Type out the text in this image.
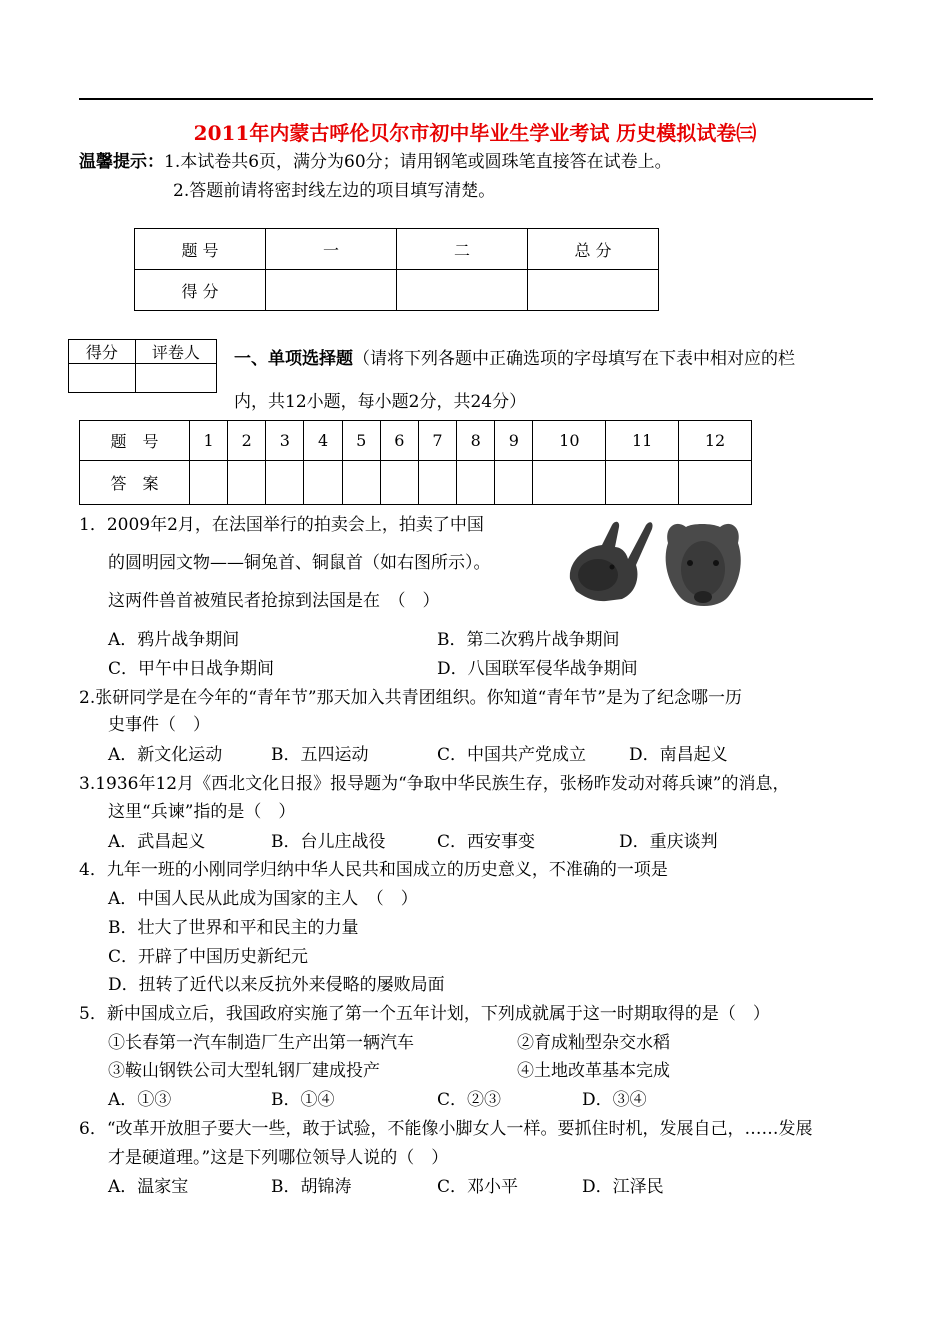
2011年内蒙古呼伦贝尔市初中毕业生学业考试 历史模拟试卷㈢
温馨提示：1.本试卷共6页，满分为60分；请用钢笔或圆珠笔直接答在试卷上。
2.答题前请将密封线左边的项目填写清楚。
题 号	一	二	总 分
得 分			
得分	评卷人
	一、单项选择题（请将下列各题中正确选项的字母填写在下表中相对应的栏
内，共12小题，每小题2分，共24分）
题　号	1	2	3	4	5	6	7	8	9	10	11	12
答　案												
1．2009年2月，在法国举行的拍卖会上，拍卖了中国
的圆明园文物——铜兔首、铜鼠首（如右图所示）。
这两件兽首被殖民者抢掠到法国是在　（　）
A．鸦片战争期间	B．第二次鸦片战争期间
C．甲午中日战争期间	D．八国联军侵华战争期间
2.张研同学是在今年的“青年节”那天加入共青团组织。你知道“青年节”是为了纪念哪一历
史事件（　）
A．新文化运动	B．五四运动	C．中国共产党成立	D．南昌起义
3.1936年12月《西北文化日报》报导题为“争取中华民族生存，张杨昨发动对蒋兵谏”的消息，
这里“兵谏”指的是（　）
A．武昌起义	B．台儿庄战役	C．西安事变	D．重庆谈判
4．九年一班的小刚同学归纳中华人民共和国成立的历史意义，不准确的一项是
A．中国人民从此成为国家的主人　（　）
B．壮大了世界和平和民主的力量
C．开辟了中国历史新纪元
D．扭转了近代以来反抗外来侵略的屡败局面
5．新中国成立后，我国政府实施了第一个五年计划，下列成就属于这一时期取得的是（　）
①长春第一汽车制造厂生产出第一辆汽车	②育成籼型杂交水稻
③鞍山钢铁公司大型轧钢厂建成投产	④土地改革基本完成
A．①③	B．①④	C．②③	D．③④
6．“改革开放胆子要大一些，敢于试验，不能像小脚女人一样。要抓住时机，发展自己，……发展
才是硬道理。”这是下列哪位领导人说的（　）
A．温家宝	B．胡锦涛	C．邓小平	D．江泽民
